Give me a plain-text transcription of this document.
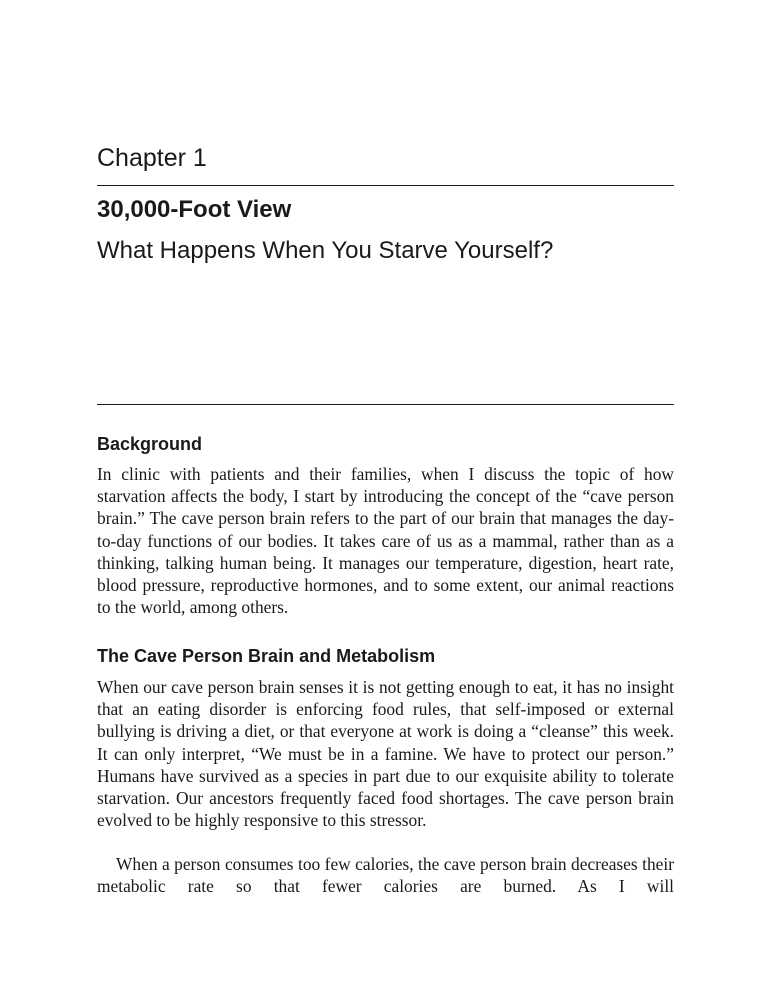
Chapter 1
30,000-Foot View
What Happens When You Starve Yourself?
Background

In clinic with patients and their families, when I discuss the topic of how starvation affects the body, I start by introducing the concept of the “cave person brain.” The cave person brain refers to the part of our brain that manages the day-to-day functions of our bodies. It takes care of us as a mammal, rather than as a thinking, talking human being. It manages our temperature, digestion, heart rate, blood pressure, reproductive hormones, and to some extent, our animal reactions to the world, among others.

The Cave Person Brain and Metabolism

When our cave person brain senses it is not getting enough to eat, it has no insight that an eating disorder is enforcing food rules, that self-imposed or external bullying is driving a diet, or that everyone at work is doing a “cleanse” this week. It can only interpret, “We must be in a famine. We have to protect our person.” Humans have survived as a species in part due to our exquisite ability to tolerate starvation. Our ancestors frequently faced food shortages. The cave person brain evolved to be highly responsive to this stressor.

When a person consumes too few calories, the cave person brain decreases their metabolic rate so that fewer calories are burned. As I will
